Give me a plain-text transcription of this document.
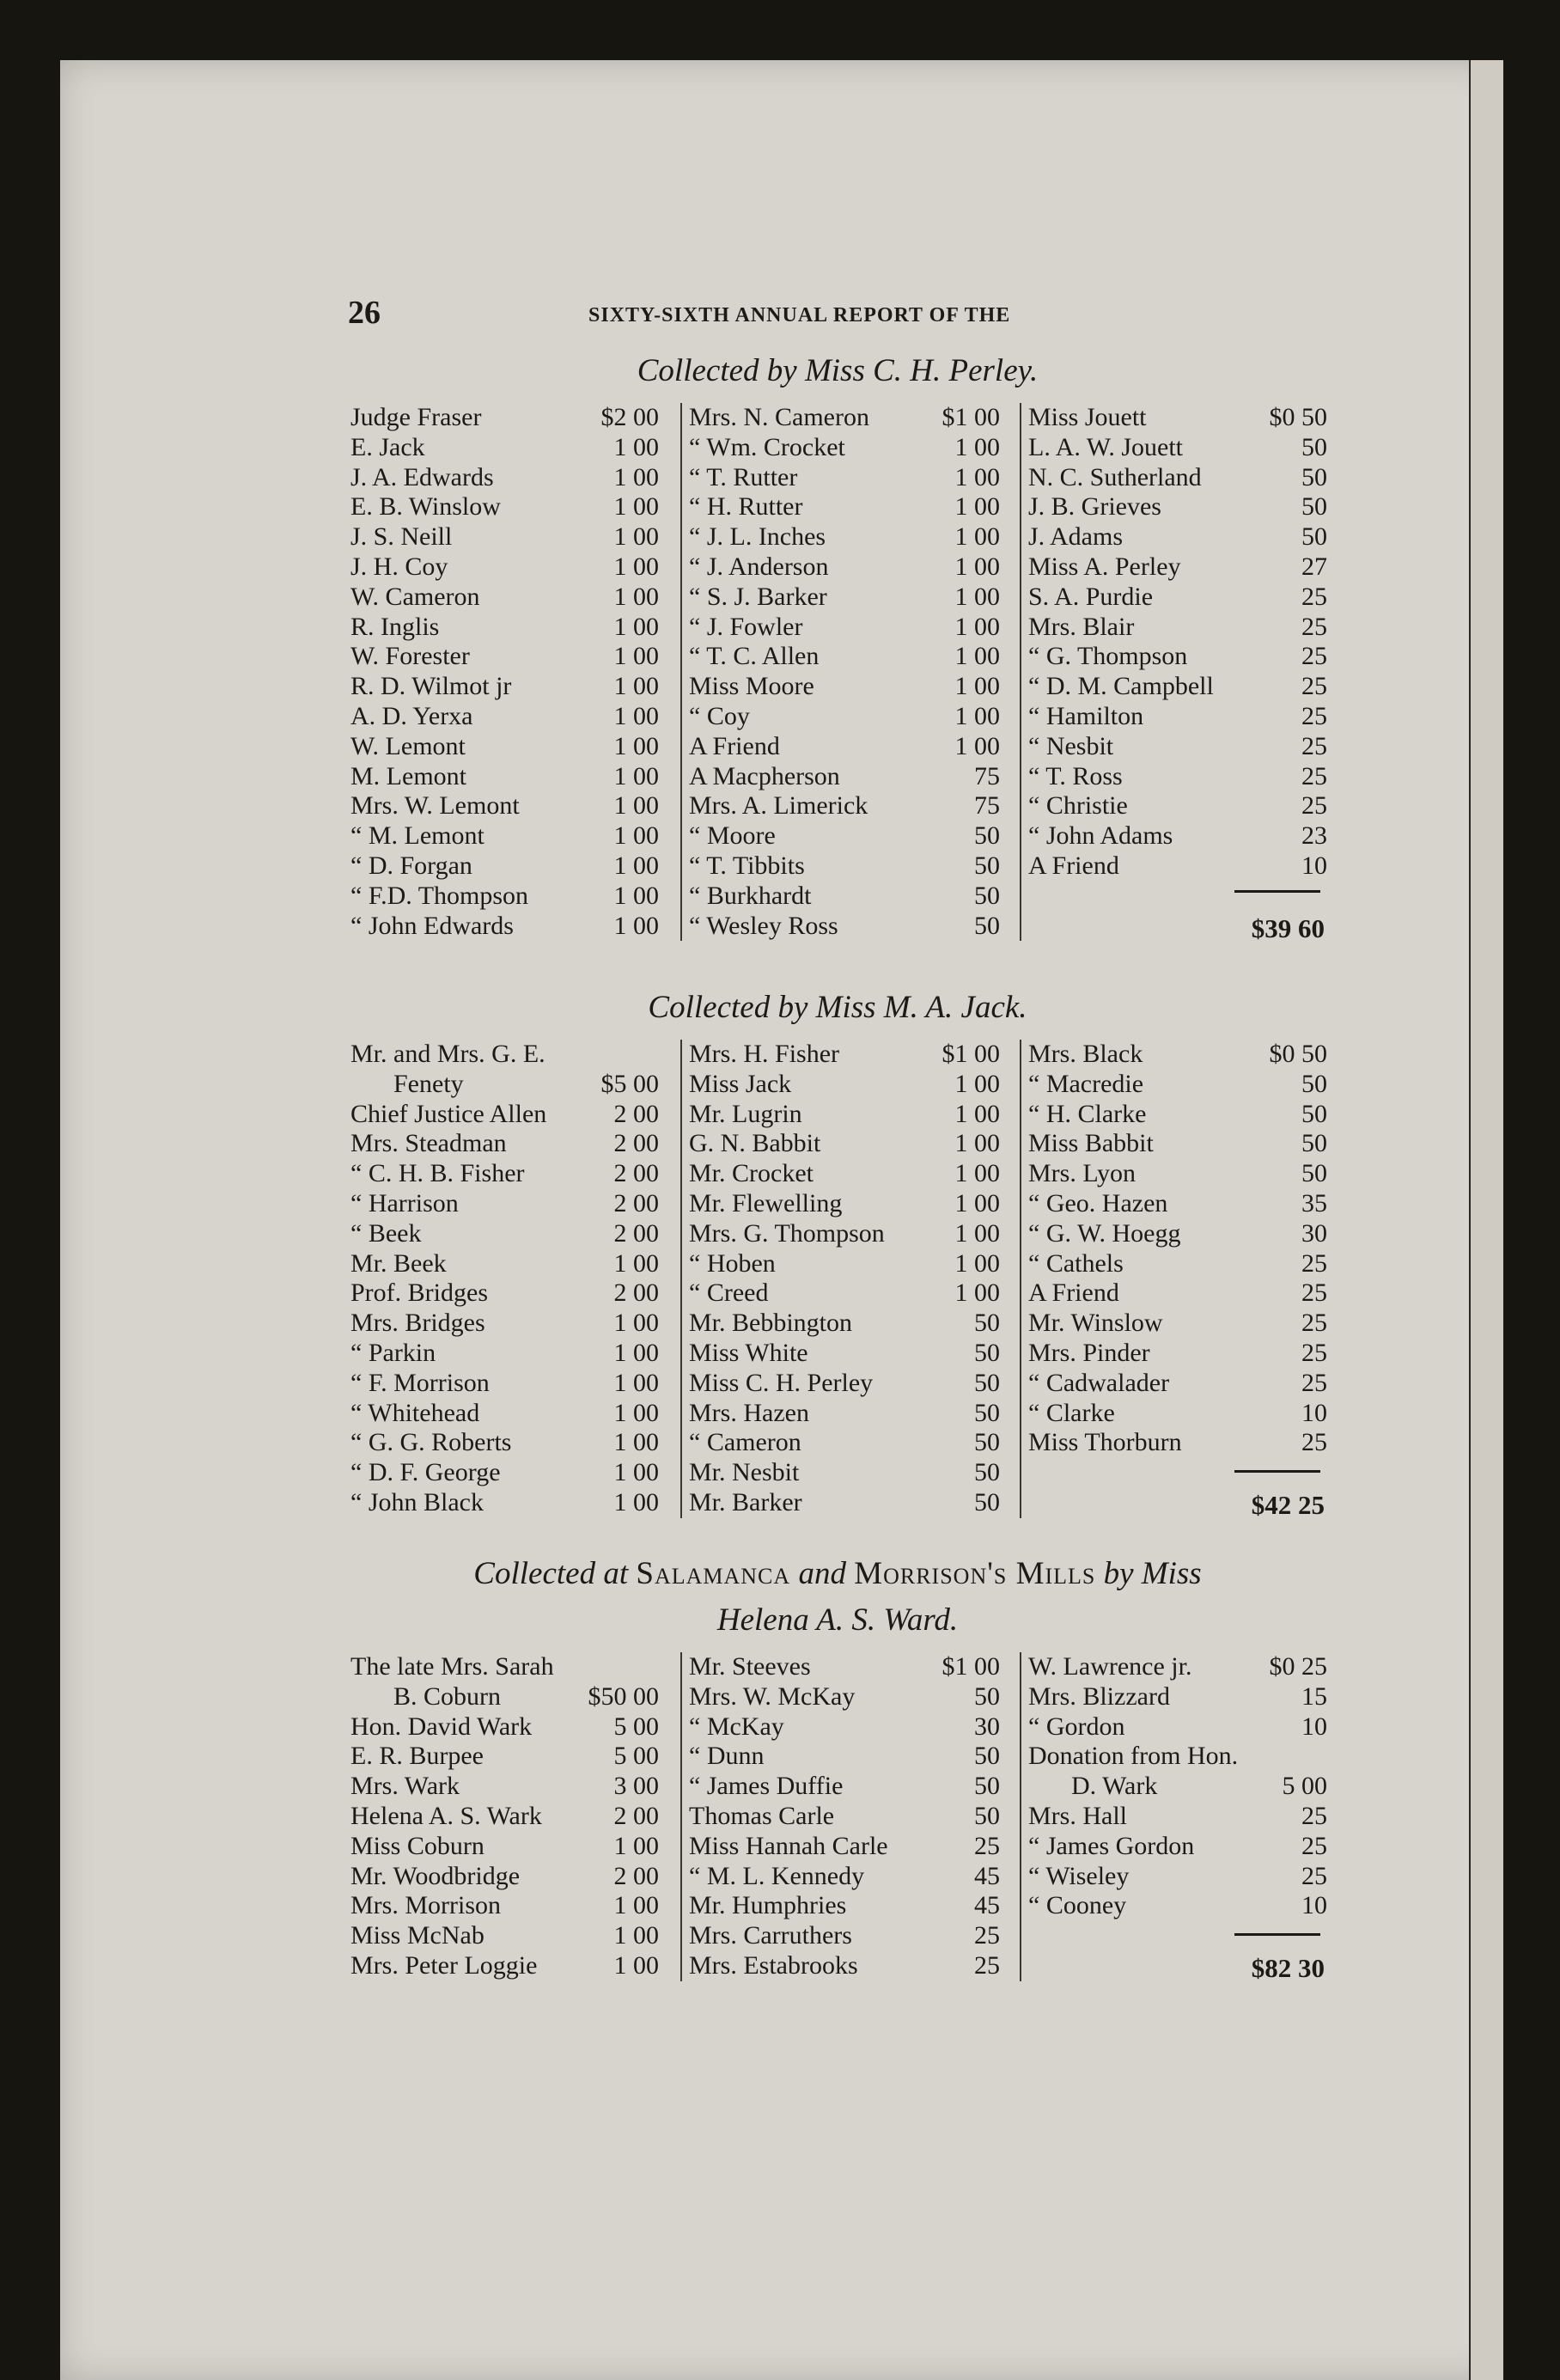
26	SIXTY-SIXTH ANNUAL REPORT OF THE
Collected by Miss C. H. Perley.
Judge Fraser	$2 00
E. Jack	1 00
J. A. Edwards	1 00
E. B. Winslow	1 00
J. S. Neill	1 00
J. H. Coy	1 00
W. Cameron	1 00
R. Inglis	1 00
W. Forester	1 00
R. D. Wilmot jr	1 00
A. D. Yerxa	1 00
W. Lemont	1 00
M. Lemont	1 00
Mrs. W. Lemont	1 00
“ M. Lemont	1 00
“ D. Forgan	1 00
“ F.D. Thompson	1 00
“ John Edwards	1 00
Mrs. N. Cameron	$1 00
“ Wm. Crocket	1 00
“ T. Rutter	1 00
“ H. Rutter	1 00
“ J. L. Inches	1 00
“ J. Anderson	1 00
“ S. J. Barker	1 00
“ J. Fowler	1 00
“ T. C. Allen	1 00
Miss Moore	1 00
“ Coy	1 00
A Friend	1 00
A Macpherson	75
Mrs. A. Limerick	75
“ Moore	50
“ T. Tibbits	50
“ Burkhardt	50
“ Wesley Ross	50
Miss Jouett	$0 50
L. A. W. Jouett	50
N. C. Sutherland	50
J. B. Grieves	50
J. Adams	50
Miss A. Perley	27
S. A. Purdie	25
Mrs. Blair	25
“ G. Thompson	25
“ D. M. Campbell	25
“ Hamilton	25
“ Nesbit	25
“ T. Ross	25
“ Christie	25
“ John Adams	23
A Friend	10
$39 60
Collected by Miss M. A. Jack.
Mr. and Mrs. G. E.
Fenety	$5 00
Chief Justice Allen	2 00
Mrs. Steadman	2 00
“ C. H. B. Fisher	2 00
“ Harrison	2 00
“ Beek	2 00
Mr. Beek	1 00
Prof. Bridges	2 00
Mrs. Bridges	1 00
“ Parkin	1 00
“ F. Morrison	1 00
“ Whitehead	1 00
“ G. G. Roberts	1 00
“ D. F. George	1 00
“ John Black	1 00
Mrs. H. Fisher	$1 00
Miss Jack	1 00
Mr. Lugrin	1 00
G. N. Babbit	1 00
Mr. Crocket	1 00
Mr. Flewelling	1 00
Mrs. G. Thompson	1 00
“ Hoben	1 00
“ Creed	1 00
Mr. Bebbington	50
Miss White	50
Miss C. H. Perley	50
Mrs. Hazen	50
“ Cameron	50
Mr. Nesbit	50
Mr. Barker	50
Mrs. Black	$0 50
“ Macredie	50
“ H. Clarke	50
Miss Babbit	50
Mrs. Lyon	50
“ Geo. Hazen	35
“ G. W. Hoegg	30
“ Cathels	25
A Friend	25
Mr. Winslow	25
Mrs. Pinder	25
“ Cadwalader	25
“ Clarke	10
Miss Thorburn	25
$42 25
Collected at Salamanca and Morrison's Mills by Miss
Helena A. S. Ward.
The late Mrs. Sarah
B. Coburn	$50 00
Hon. David Wark	5 00
E. R. Burpee	5 00
Mrs. Wark	3 00
Helena A. S. Wark	2 00
Miss Coburn	1 00
Mr. Woodbridge	2 00
Mrs. Morrison	1 00
Miss McNab	1 00
Mrs. Peter Loggie	1 00
Mr. Steeves	$1 00
Mrs. W. McKay	50
“ McKay	30
“ Dunn	50
“ James Duffie	50
Thomas Carle	50
Miss Hannah Carle	25
“ M. L. Kennedy	45
Mr. Humphries	45
Mrs. Carruthers	25
Mrs. Estabrooks	25
W. Lawrence jr.	$0 25
Mrs. Blizzard	15
“ Gordon	10
Donation from Hon.
D. Wark	5 00
Mrs. Hall	25
“ James Gordon	25
“ Wiseley	25
“ Cooney	10
$82 30
